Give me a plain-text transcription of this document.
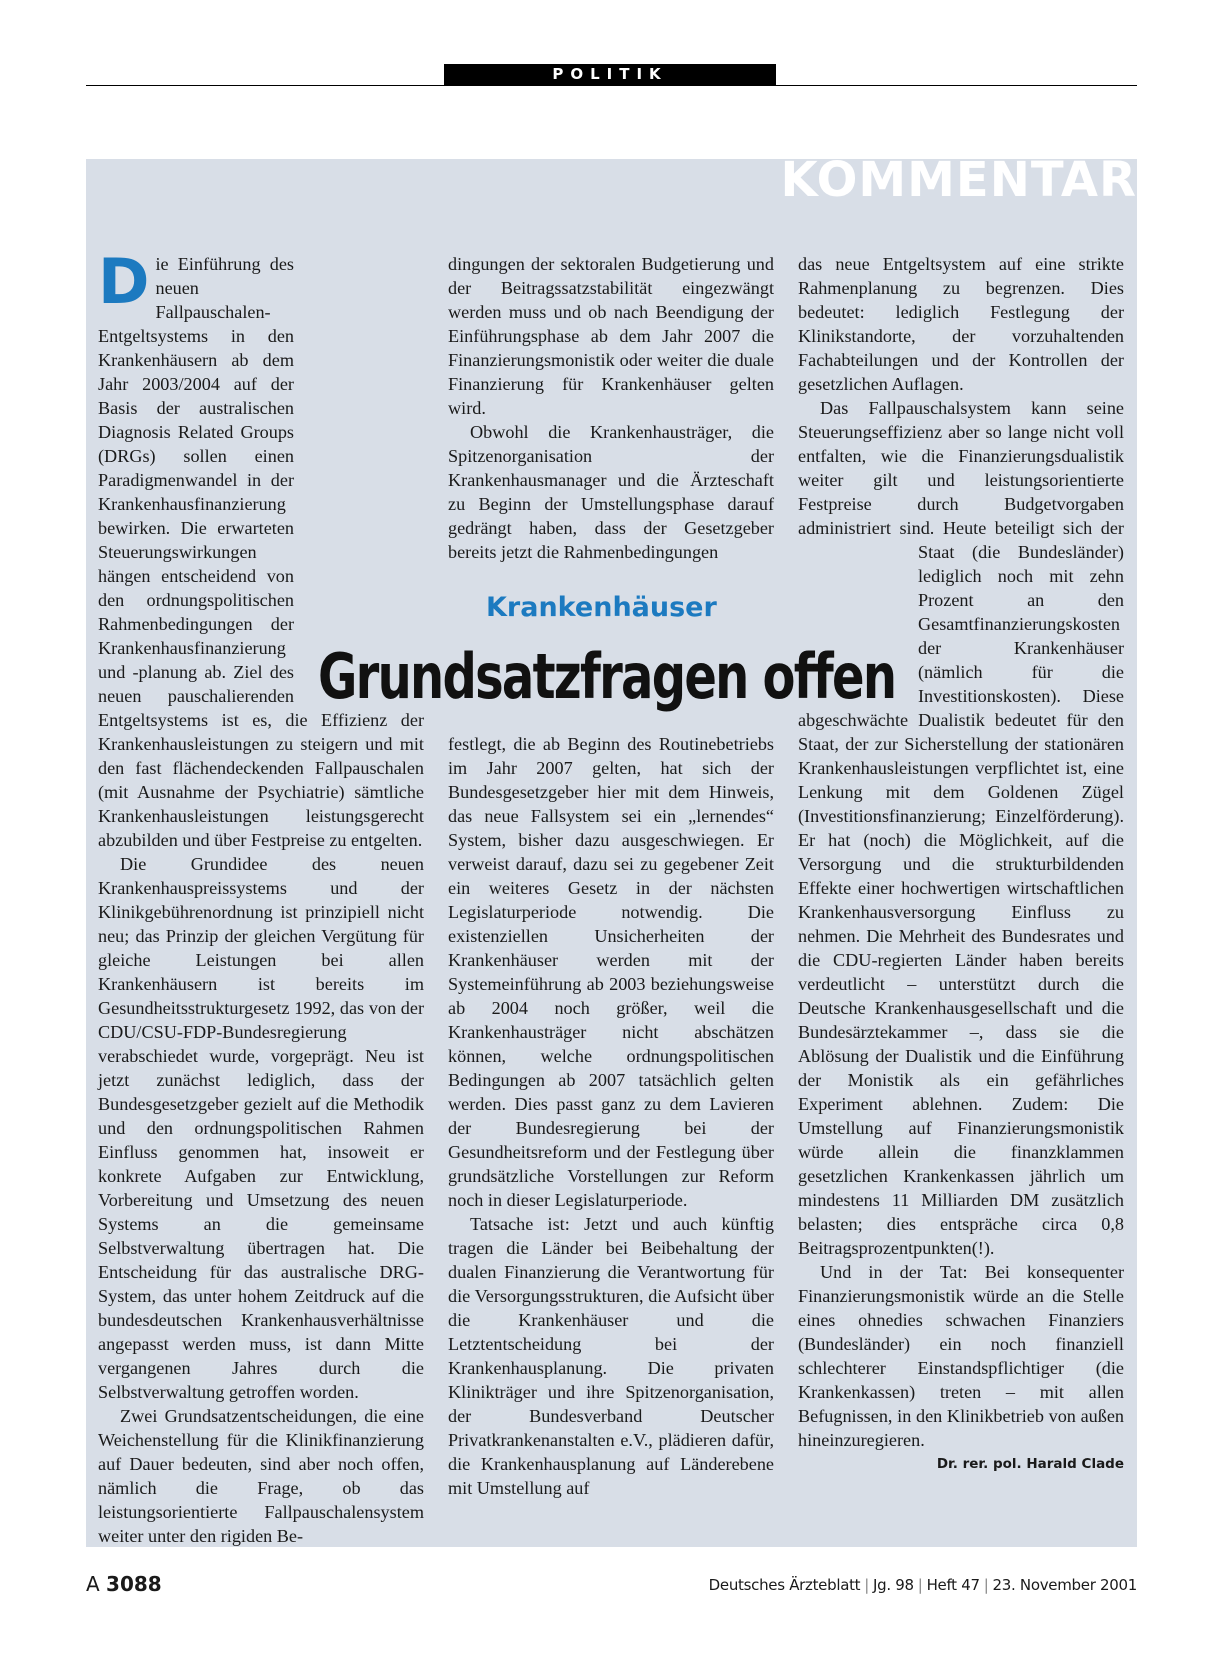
POLITIK
KOMMENTAR
D ie Einführung des neuen Fallpauschalen-Entgeltsystems in den Krankenhäusern ab dem Jahr 2003/2004 auf der Basis der australischen Diagnosis Related Groups (DRGs) sollen einen Paradigmenwandel in der Krankenhausfinanzierung bewirken. Die erwarteten Steuerungswirkungen hängen entscheidend von den ordnungspolitischen Rahmenbedingungen der Krankenhausfinanzierung und -planung ab. Ziel des neuen pauschalierenden Entgeltsystems ist es, die Effizienz der Krankenhausleistungen zu steigern und mit den fast flächendeckenden Fallpauschalen (mit Ausnahme der Psychiatrie) sämtliche Krankenhausleistungen leistungsgerecht abzubilden und über Festpreise zu entgelten.

Die Grundidee des neuen Krankenhauspreissystems und der Klinikgebührenordnung ist prinzipiell nicht neu; das Prinzip der gleichen Vergütung für gleiche Leistungen bei allen Krankenhäusern ist bereits im Gesundheitsstrukturgesetz 1992, das von der CDU/CSU-FDP-Bundesregierung verabschiedet wurde, vorgeprägt. Neu ist jetzt zunächst lediglich, dass der Bundesgesetzgeber gezielt auf die Methodik und den ordnungspolitischen Rahmen Einfluss genommen hat, insoweit er konkrete Aufgaben zur Entwicklung, Vorbereitung und Umsetzung des neuen Systems an die gemeinsame Selbstverwaltung übertragen hat. Die Entscheidung für das australische DRG-System, das unter hohem Zeitdruck auf die bundesdeutschen Krankenhausverhältnisse angepasst werden muss, ist dann Mitte vergangenen Jahres durch die Selbstverwaltung getroffen worden.

Zwei Grundsatzentscheidungen, die eine Weichenstellung für die Klinikfinanzierung auf Dauer bedeuten, sind aber noch offen, nämlich die Frage, ob das leistungsorientierte Fallpauschalensystem weiter unter den rigiden Be-

dingungen der sektoralen Budgetierung und der Beitragssatzstabilität eingezwängt werden muss und ob nach Beendigung der Einführungsphase ab dem Jahr 2007 die Finanzierungsmonistik oder weiter die duale Finanzierung für Krankenhäuser gelten wird.

Obwohl die Krankenhausträger, die Spitzenorganisation der Krankenhausmanager und die Ärzteschaft zu Beginn der Umstellungsphase darauf gedrängt haben, dass der Gesetzgeber bereits jetzt die Rahmenbedingungen

Krankenhäuser
Grundsatzfragen offen

festlegt, die ab Beginn des Routinebetriebs im Jahr 2007 gelten, hat sich der Bundesgesetzgeber hier mit dem Hinweis, das neue Fallsystem sei ein „lernendes“ System, bisher dazu ausgeschwiegen. Er verweist darauf, dazu sei zu gegebener Zeit ein weiteres Gesetz in der nächsten Legislaturperiode notwendig. Die existenziellen Unsicherheiten der Krankenhäuser werden mit der Systemeinführung ab 2003 beziehungsweise ab 2004 noch größer, weil die Krankenhausträger nicht abschätzen können, welche ordnungspolitischen Bedingungen ab 2007 tatsächlich gelten werden. Dies passt ganz zu dem Lavieren der Bundesregierung bei der Gesundheitsreform und der Festlegung über grundsätzliche Vorstellungen zur Reform noch in dieser Legislaturperiode.

Tatsache ist: Jetzt und auch künftig tragen die Länder bei Beibehaltung der dualen Finanzierung die Verantwortung für die Versorgungsstrukturen, die Aufsicht über die Krankenhäuser und die Letztentscheidung bei der Krankenhausplanung. Die privaten Klinikträger und ihre Spitzenorganisation, der Bundesverband Deutscher Privatkrankenanstalten e.V., plädieren dafür, die Krankenhausplanung auf Länderebene mit Umstellung auf

das neue Entgeltsystem auf eine strikte Rahmenplanung zu begrenzen. Dies bedeutet: lediglich Festlegung der Klinikstandorte, der vorzuhaltenden Fachabteilungen und der Kontrollen der gesetzlichen Auflagen.

Das Fallpauschalsystem kann seine Steuerungseffizienz aber so lange nicht voll entfalten, wie die Finanzierungsdualistik weiter gilt und leistungsorientierte Festpreise durch Budgetvorgaben administriert sind. Heute beteiligt sich der Staat (die Bundesländer) lediglich noch mit zehn Prozent an den Gesamtfinanzierungskosten der Krankenhäuser (nämlich für die Investitionskosten). Diese abgeschwächte Dualistik bedeutet für den Staat, der zur Sicherstellung der stationären Krankenhausleistungen verpflichtet ist, eine Lenkung mit dem Goldenen Zügel (Investitionsfinanzierung; Einzelförderung). Er hat (noch) die Möglichkeit, auf die Versorgung und die strukturbildenden Effekte einer hochwertigen wirtschaftlichen Krankenhausversorgung Einfluss zu nehmen. Die Mehrheit des Bundesrates und die CDU-regierten Länder haben bereits verdeutlicht – unterstützt durch die Deutsche Krankenhausgesellschaft und die Bundesärztekammer –, dass sie die Ablösung der Dualistik und die Einführung der Monistik als ein gefährliches Experiment ablehnen. Zudem: Die Umstellung auf Finanzierungsmonistik würde allein die finanzklammen gesetzlichen Krankenkassen jährlich um mindestens 11 Milliarden DM zusätzlich belasten; dies entspräche circa 0,8 Beitragsprozentpunkten(!).

Und in der Tat: Bei konsequenter Finanzierungsmonistik würde an die Stelle eines ohnedies schwachen Finanziers (Bundesländer) ein noch finanziell schlechterer Einstandspflichtiger (die Krankenkassen) treten – mit allen Befugnissen, in den Klinikbetrieb von außen hineinzuregieren.
Dr. rer. pol. Harald Clade

A 3088	Deutsches Ärzteblatt | Jg. 98 | Heft 47 | 23. November 2001
